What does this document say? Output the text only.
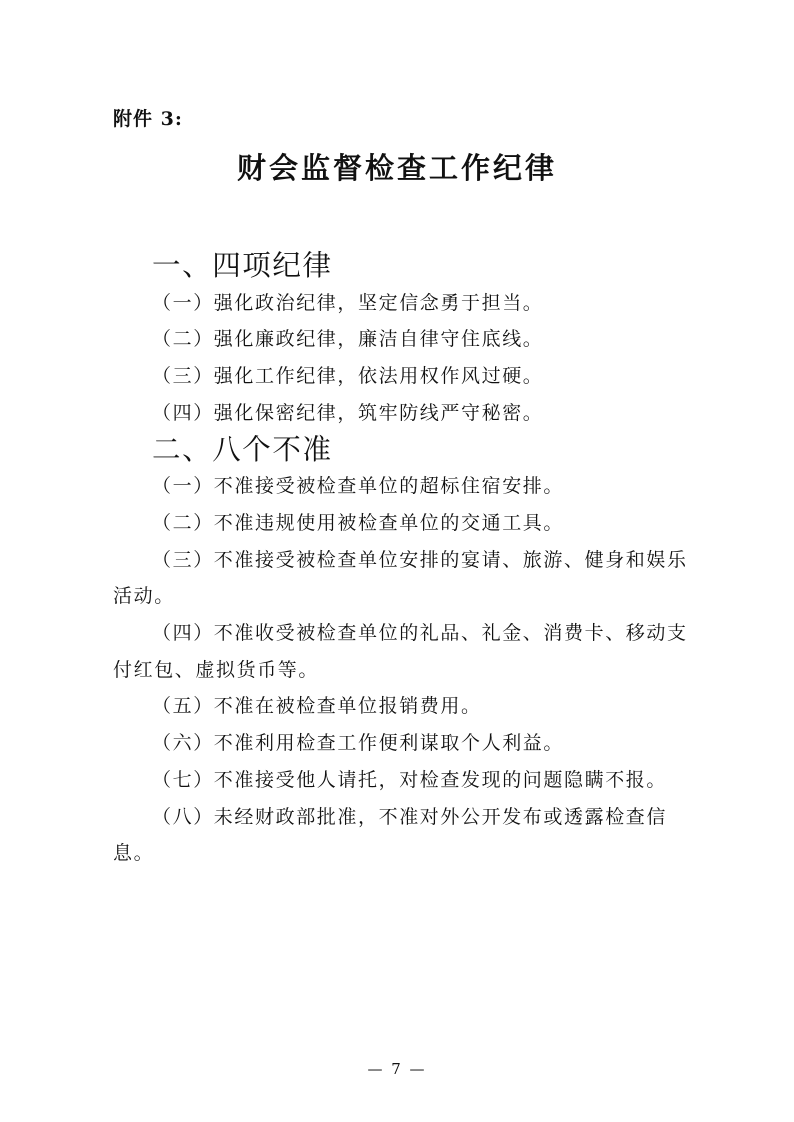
附件 3:

财会监督检查工作纪律
一、四项纪律

（一）强化政治纪律，坚定信念勇于担当。

（二）强化廉政纪律，廉洁自律守住底线。

（三）强化工作纪律，依法用权作风过硬。

（四）强化保密纪律，筑牢防线严守秘密。

二、八个不准

（一）不准接受被检查单位的超标住宿安排。

（二）不准违规使用被检查单位的交通工具。

（三）不准接受被检查单位安排的宴请、旅游、健身和娱乐活动。

（四）不准收受被检查单位的礼品、礼金、消费卡、移动支付红包、虚拟货币等。

（五）不准在被检查单位报销费用。

（六）不准利用检查工作便利谋取个人利益。

（七）不准接受他人请托，对检查发现的问题隐瞒不报。

（八）未经财政部批准，不准对外公开发布或透露检查信息。

— 7 —
